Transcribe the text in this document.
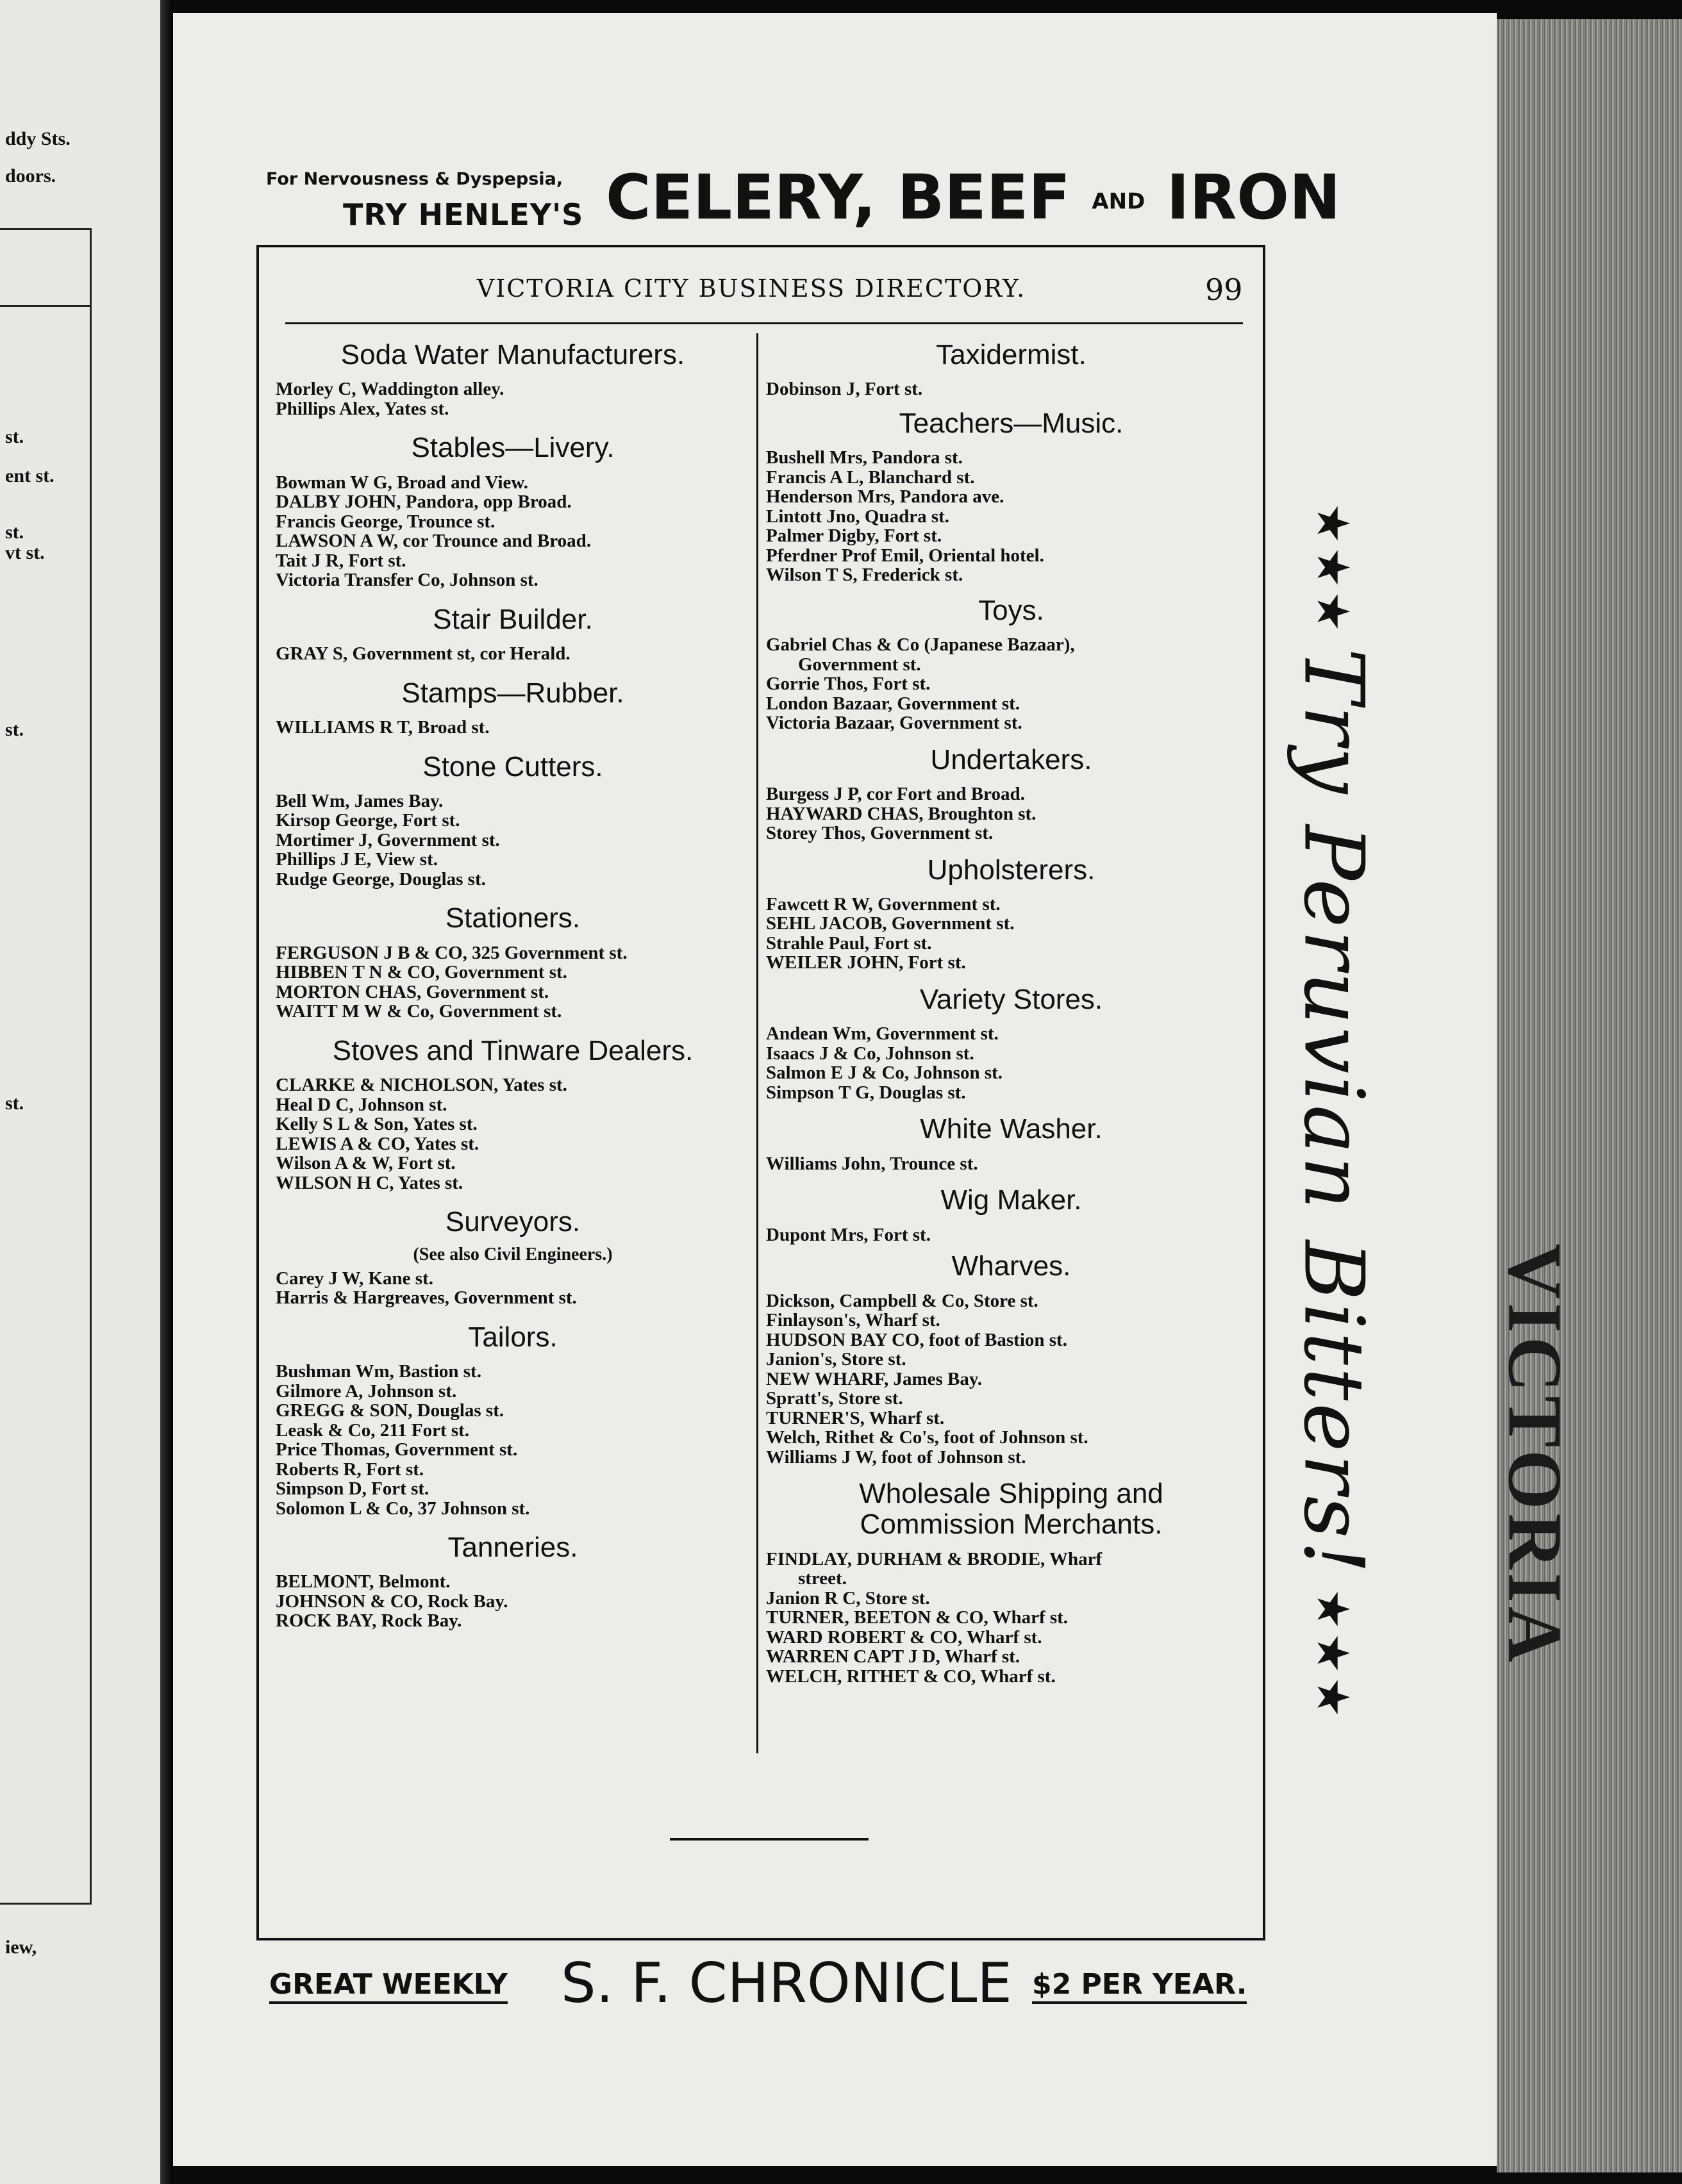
ddy Sts.
doors.
st.
ent st.
st.
vt st.
st.
st.
iew,
VICTORIA
For Nervousness & Dyspepsia,
TRY HENLEY'S CELERY, BEEF AND IRON
VICTORIA CITY BUSINESS DIRECTORY.	99
Soda Water Manufacturers.

Morley C, Waddington alley.

Phillips Alex, Yates st.

Stables—Livery.

Bowman W G, Broad and View.

DALBY JOHN, Pandora, opp Broad.

Francis George, Trounce st.

LAWSON A W, cor Trounce and Broad.

Tait J R, Fort st.

Victoria Transfer Co, Johnson st.

Stair Builder.

GRAY S, Government st, cor Herald.

Stamps—Rubber.

WILLIAMS R T, Broad st.

Stone Cutters.

Bell Wm, James Bay.

Kirsop George, Fort st.

Mortimer J, Government st.

Phillips J E, View st.

Rudge George, Douglas st.

Stationers.

FERGUSON J B & CO, 325 Government st.

HIBBEN T N & CO, Government st.

MORTON CHAS, Government st.

WAITT M W & Co, Government st.

Stoves and Tinware Dealers.

CLARKE & NICHOLSON, Yates st.

Heal D C, Johnson st.

Kelly S L & Son, Yates st.

LEWIS A & CO, Yates st.

Wilson A & W, Fort st.

WILSON H C, Yates st.

Surveyors.

(See also Civil Engineers.)

Carey J W, Kane st.

Harris & Hargreaves, Government st.

Tailors.

Bushman Wm, Bastion st.

Gilmore A, Johnson st.

GREGG & SON, Douglas st.

Leask & Co, 211 Fort st.

Price Thomas, Government st.

Roberts R, Fort st.

Simpson D, Fort st.

Solomon L & Co, 37 Johnson st.

Tanneries.

BELMONT, Belmont.

JOHNSON & CO, Rock Bay.

ROCK BAY, Rock Bay.

Taxidermist.

Dobinson J, Fort st.

Teachers—Music.

Bushell Mrs, Pandora st.

Francis A L, Blanchard st.

Henderson Mrs, Pandora ave.

Lintott Jno, Quadra st.

Palmer Digby, Fort st.

Pferdner Prof Emil, Oriental hotel.

Wilson T S, Frederick st.

Toys.

Gabriel Chas & Co (Japanese Bazaar),

Government st.

Gorrie Thos, Fort st.

London Bazaar, Government st.

Victoria Bazaar, Government st.

Undertakers.

Burgess J P, cor Fort and Broad.

HAYWARD CHAS, Broughton st.

Storey Thos, Government st.

Upholsterers.

Fawcett R W, Government st.

SEHL JACOB, Government st.

Strahle Paul, Fort st.

WEILER JOHN, Fort st.

Variety Stores.

Andean Wm, Government st.

Isaacs J & Co, Johnson st.

Salmon E J & Co, Johnson st.

Simpson T G, Douglas st.

White Washer.

Williams John, Trounce st.

Wig Maker.

Dupont Mrs, Fort st.

Wharves.

Dickson, Campbell & Co, Store st.

Finlayson's, Wharf st.

HUDSON BAY CO, foot of Bastion st.

Janion's, Store st.

NEW WHARF, James Bay.

Spratt's, Store st.

TURNER'S, Wharf st.

Welch, Rithet & Co's, foot of Johnson st.

Williams J W, foot of Johnson st.

Wholesale Shipping and Commission Merchants.

FINDLAY, DURHAM & BRODIE, Wharf

street.

Janion R C, Store st.

TURNER, BEETON & CO, Wharf st.

WARD ROBERT & CO, Wharf st.

WARREN CAPT J D, Wharf st.

WELCH, RITHET & CO, Wharf st.

GREAT WEEKLY S. F. CHRONICLE $2 PER YEAR.
★★★
Try Peruvian Bitters!
★★★
